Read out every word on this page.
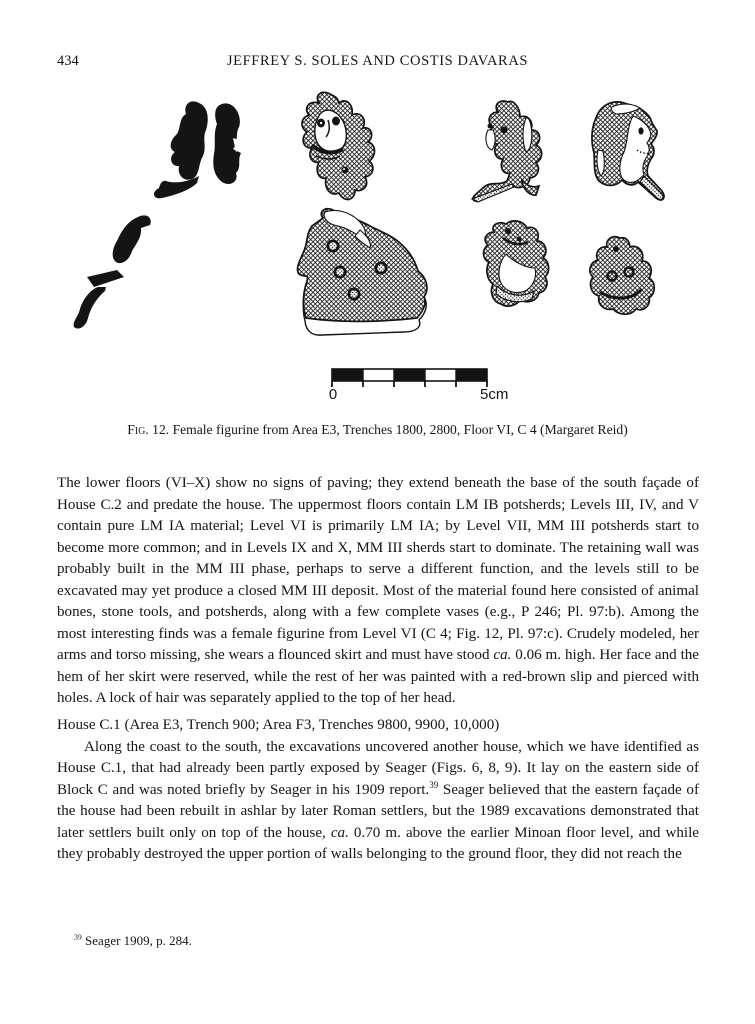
434	JEFFREY S. SOLES AND COSTIS DAVARAS
0	5cm
Fig. 12. Female figurine from Area E3, Trenches 1800, 2800, Floor VI, C 4 (Margaret Reid)

The lower floors (VI–X) show no signs of paving; they extend beneath the base of the south façade of House C.2 and predate the house. The uppermost floors contain LM IB potsherds; Levels III, IV, and V contain pure LM IA material; Level VI is primarily LM IA; by Level VII, MM III potsherds start to become more common; and in Levels IX and X, MM III sherds start to dominate. The retaining wall was probably built in the MM III phase, perhaps to serve a different function, and the levels still to be excavated may yet produce a closed MM III deposit. Most of the material found here consisted of animal bones, stone tools, and potsherds, along with a few complete vases (e.g., P 246; Pl. 97:b). Among the most interesting finds was a female figurine from Level VI (C 4; Fig. 12, Pl. 97:c). Crudely modeled, her arms and torso missing, she wears a flounced skirt and must have stood ca. 0.06 m. high. Her face and the hem of her skirt were reserved, while the rest of her was painted with a red-brown slip and pierced with holes. A lock of hair was separately applied to the top of her head.

House C.1 (Area E3, Trench 900; Area F3, Trenches 9800, 9900, 10,000)

Along the coast to the south, the excavations uncovered another house, which we have identified as House C.1, that had already been partly exposed by Seager (Figs. 6, 8, 9). It lay on the eastern side of Block C and was noted briefly by Seager in his 1909 report.$^{39}$ Seager believed that the eastern façade of the house had been rebuilt in ashlar by later Roman settlers, but the 1989 excavations demonstrated that later settlers built only on top of the house, ca. 0.70 m. above the earlier Minoan floor level, and while they probably destroyed the upper portion of walls belonging to the ground floor, they did not reach the

$^{39}$ Seager 1909, p. 284.
